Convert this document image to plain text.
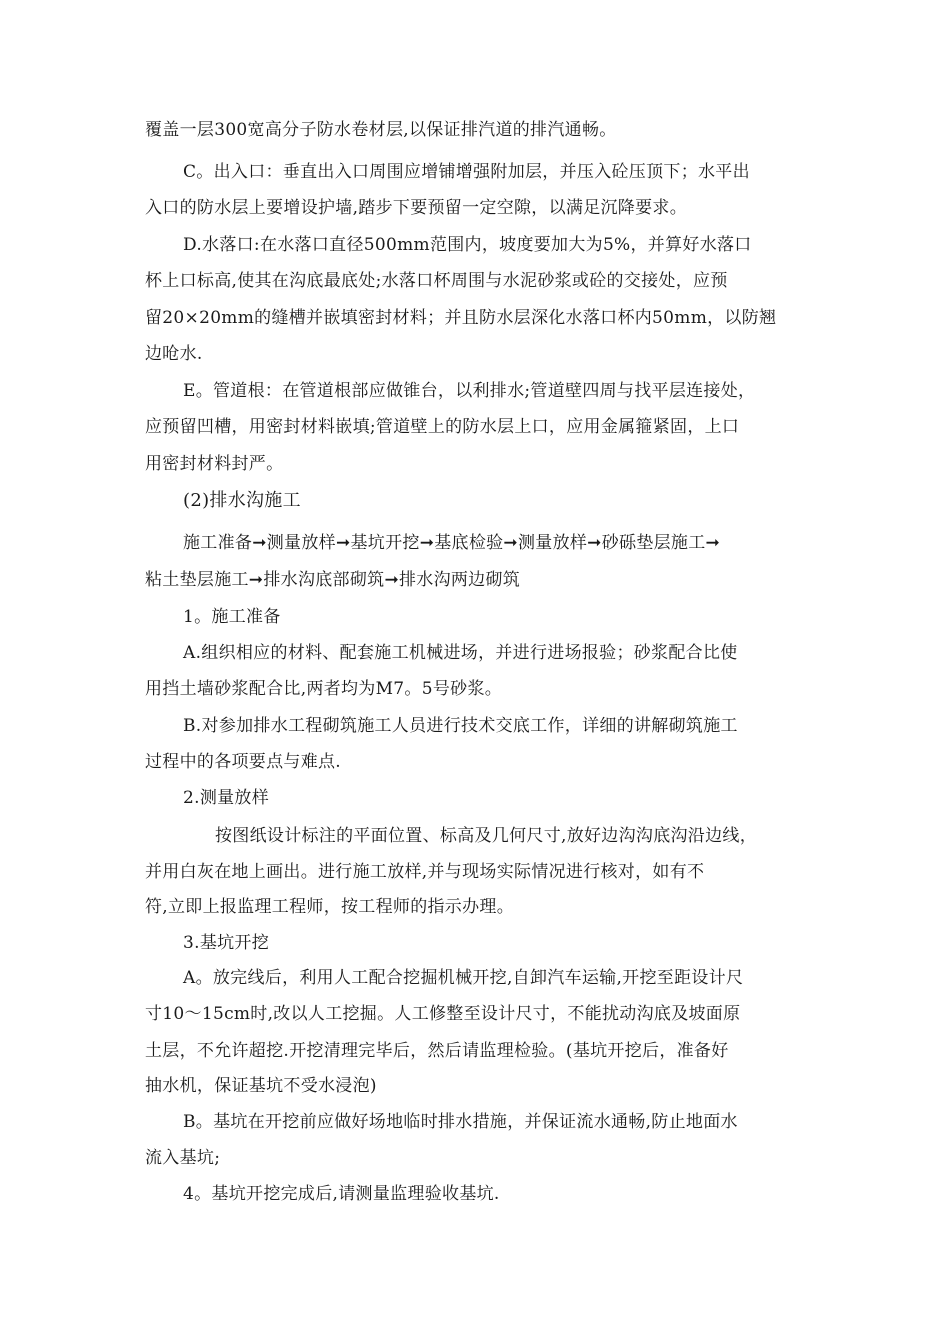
覆盖一层300宽高分子防水卷材层,以保证排汽道的排汽通畅。
C。出入口：垂直出入口周围应增铺增强附加层，并压入砼压顶下；水平出
入口的防水层上要增设护墙,踏步下要预留一定空隙，以满足沉降要求。
D.水落口:在水落口直径500mm范围内，坡度要加大为5%，并算好水落口
杯上口标高,使其在沟底最底处;水落口杯周围与水泥砂浆或砼的交接处，应预
留20×20mm的缝槽并嵌填密封材料；并且防水层深化水落口杯内50mm，以防翘
边呛水.
E。管道根：在管道根部应做锥台，以利排水;管道壁四周与找平层连接处，
应预留凹槽，用密封材料嵌填;管道壁上的防水层上口，应用金属箍紧固，上口
用密封材料封严。
(2)排水沟施工
施工准备➞测量放样➞基坑开挖➞基底检验➞测量放样➞砂砾垫层施工➞
粘土垫层施工➞排水沟底部砌筑➞排水沟两边砌筑
1。施工准备
A.组织相应的材料、配套施工机械进场，并进行进场报验；砂浆配合比使
用挡土墙砂浆配合比,两者均为M7。5号砂浆。
B.对参加排水工程砌筑施工人员进行技术交底工作，详细的讲解砌筑施工
过程中的各项要点与难点.
2.测量放样
按图纸设计标注的平面位置、标高及几何尺寸,放好边沟沟底沟沿边线，
并用白灰在地上画出。进行施工放样,并与现场实际情况进行核对，如有不
符,立即上报监理工程师，按工程师的指示办理。
3.基坑开挖
A。放完线后，利用人工配合挖掘机械开挖,自卸汽车运输,开挖至距设计尺
寸10～15cm时,改以人工挖掘。人工修整至设计尺寸，不能扰动沟底及坡面原
土层，不允许超挖.开挖清理完毕后，然后请监理检验。(基坑开挖后，准备好
抽水机，保证基坑不受水浸泡)
B。基坑在开挖前应做好场地临时排水措施，并保证流水通畅,防止地面水
流入基坑;
4。基坑开挖完成后,请测量监理验收基坑.
